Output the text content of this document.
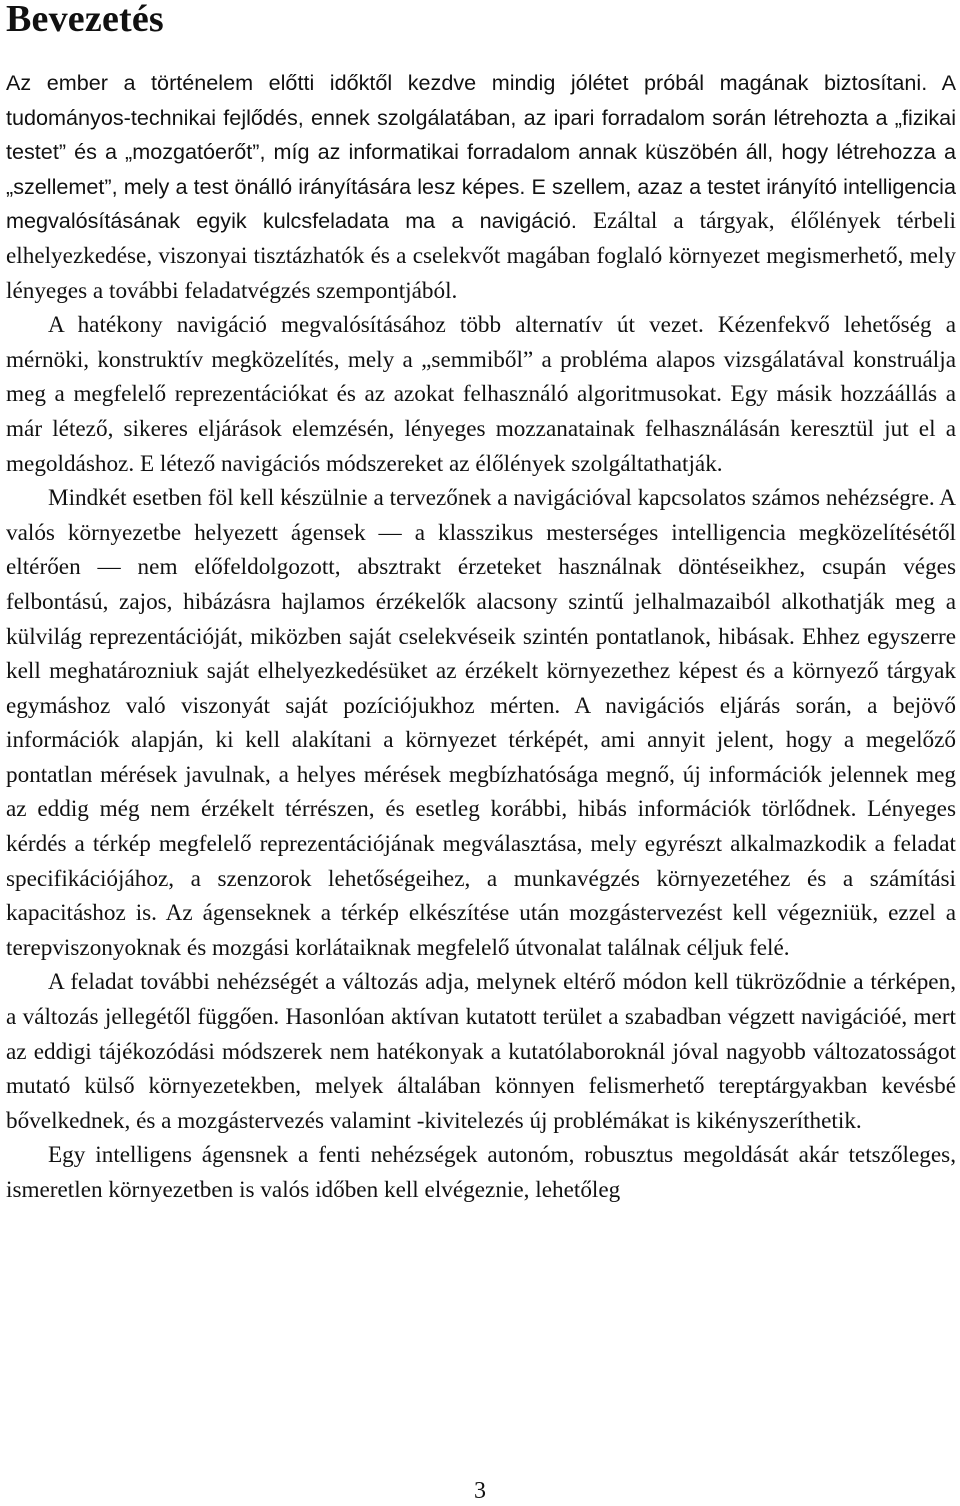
Bevezetés

Az ember a történelem előtti időktől kezdve mindig jólétet próbál magának biztosítani. A tudományos-technikai fejlődés, ennek szolgálatában, az ipari forradalom során létrehozta a „fizikai testet” és a „mozgatóerőt”, míg az informatikai forradalom annak küszöbén áll, hogy létrehozza a „szellemet”, mely a test önálló irányítására lesz képes. E szellem, azaz a testet irányító intelligencia megvalósításának egyik kulcsfeladata ma a navigáció. Ezáltal a tárgyak, élőlények térbeli elhelyezkedése, viszonyai tisztázhatók és a cselekvőt magában foglaló környezet megismerhető, mely lényeges a további feladatvégzés szempontjából.

A hatékony navigáció megvalósításához több alternatív út vezet. Kézenfekvő lehetőség a mérnöki, konstruktív megközelítés, mely a „semmiből” a probléma alapos vizsgálatával konstruálja meg a megfelelő reprezentációkat és az azokat felhasználó algoritmusokat. Egy másik hozzáállás a már létező, sikeres eljárások elemzésén, lényeges mozzanatainak felhasználásán keresztül jut el a megoldáshoz. E létező navigációs módszereket az élőlények szolgáltathatják.

Mindkét esetben föl kell készülnie a tervezőnek a navigációval kapcsolatos számos nehézségre. A valós környezetbe helyezett ágensek — a klasszikus mesterséges intelligencia megközelítésétől eltérően — nem előfeldolgozott, absztrakt érzeteket használnak döntéseikhez, csupán véges felbontású, zajos, hibázásra hajlamos érzékelők alacsony szintű jelhalmazaiból alkothatják meg a külvilág reprezentációját, miközben saját cselekvéseik szintén pontatlanok, hibásak. Ehhez egyszerre kell meghatározniuk saját elhelyezkedésüket az érzékelt környezethez képest és a környező tárgyak egymáshoz való viszonyát saját pozíciójukhoz mérten. A navigációs eljárás során, a bejövő információk alapján, ki kell alakítani a környezet térképét, ami annyit jelent, hogy a megelőző pontatlan mérések javulnak, a helyes mérések megbízhatósága megnő, új információk jelennek meg az eddig még nem érzékelt térrészen, és esetleg korábbi, hibás információk törlődnek. Lényeges kérdés a térkép megfelelő reprezentációjának megválasztása, mely egyrészt alkalmazkodik a feladat specifikációjához, a szenzorok lehetőségeihez, a munkavégzés környezetéhez és a számítási kapacitáshoz is. Az ágenseknek a térkép elkészítése után mozgástervezést kell végezniük, ezzel a terepviszonyoknak és mozgási korlátaiknak megfelelő útvonalat találnak céljuk felé.

A feladat további nehézségét a változás adja, melynek eltérő módon kell tükröződnie a térképen, a változás jellegétől függően. Hasonlóan aktívan kutatott terület a szabadban végzett navigációé, mert az eddigi tájékozódási módszerek nem hatékonyak a kutatólaboroknál jóval nagyobb változatosságot mutató külső környezetekben, melyek általában könnyen felismerhető tereptárgyakban kevésbé bővelkednek, és a mozgástervezés valamint -kivitelezés új problémákat is kikényszeríthetik.

Egy intelligens ágensnek a fenti nehézségek autonóm, robusztus megoldását akár tetszőleges, ismeretlen környezetben is valós időben kell elvégeznie, lehetőleg

3
